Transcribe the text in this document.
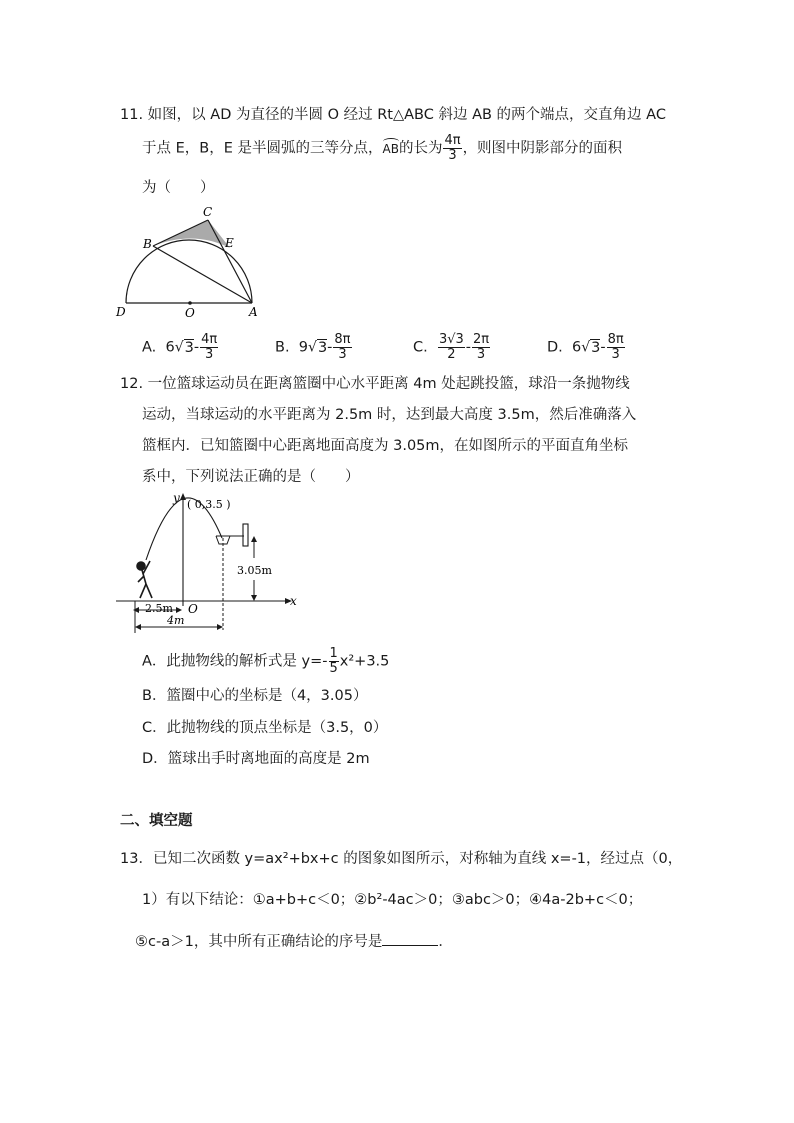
11. 如图，以 AD 为直径的半圆 O 经过 Rt△ABC 斜边 AB 的两个端点，交直角边 AC
于点 E，B，E 是半圆弧的三等分点，AB的长为 $\frac{4\pi}{3}$ ，则图中阴影部分的面积
为（　　）
C
B	E
D	O	A
A. $6√3- \frac{4\pi}{3}$	B. $9√3- \frac{8\pi}{3}$	C. $\frac{3√3}{2} - \frac{2\pi}{3}$	D. $6√3- \frac{8\pi}{3}$
12. 一位篮球运动员在距离篮圈中心水平距离 4m 处起跳投篮，球沿一条抛物线
运动，当球运动的水平距离为 2.5m 时，达到最大高度 3.5m，然后准确落入
篮框内．已知篮圈中心距离地面高度为 3.05m，在如图所示的平面直角坐标
系中，下列说法正确的是（　　）
y
x
( 0,3.5 )
3.05m
2.5m O
4m
A．此抛物线的解析式是 $y=- \frac{1}{5} x^2+3.5$
B．篮圈中心的坐标是（4，3.05）
C．此抛物线的顶点坐标是（3.5，0）
D．篮球出手时离地面的高度是 2m
二、填空题
13．已知二次函数 y=ax²+bx+c 的图象如图所示，对称轴为直线 x=-1，经过点（0，
1）有以下结论：①a+b+c＜0；②b²-4ac＞0；③abc＞0；④4a-2b+c＜0；
⑤c-a＞1，其中所有正确结论的序号是	．
